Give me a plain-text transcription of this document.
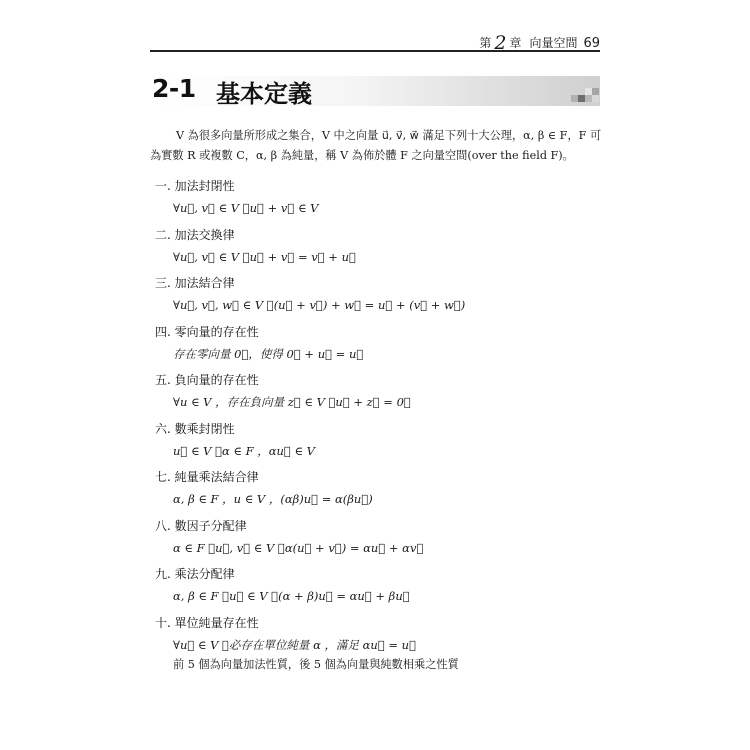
第 2 章 向量空間 69
2-1 基本定義

V 為很多向量所形成之集合，V 中之向量 u⃗, v⃗, w⃗ 滿足下列十大公理，α, β ∈ F，F 可

為實數 R 或複數 C，α, β 為純量，稱 V 為佈於體 F 之向量空間(over the field F)。
一. 加法封閉性
∀u⃗, v⃗ ∈ V ，u⃗ + v⃗ ∈ V
二. 加法交換律
∀u⃗, v⃗ ∈ V ，u⃗ + v⃗ = v⃗ + u⃗
三. 加法結合律
∀u⃗, v⃗, w⃗ ∈ V ，(u⃗ + v⃗) + w⃗ = u⃗ + (v⃗ + w⃗)
四. 零向量的存在性
存在零向量 0⃗，使得 0⃗ + u⃗ = u⃗
五. 負向量的存在性
∀u ∈ V ，存在負向量 z⃗ ∈ V ，u⃗ + z⃗ = 0⃗
六. 數乘封閉性
u⃗ ∈ V ，α ∈ F ，αu⃗ ∈ V
七. 純量乘法結合律
α, β ∈ F ，u ∈ V ，(αβ)u⃗ = α(βu⃗)
八. 數因子分配律
α ∈ F ，u⃗, v⃗ ∈ V ，α(u⃗ + v⃗) = αu⃗ + αv⃗
九. 乘法分配律
α, β ∈ F ，u⃗ ∈ V ，(α + β)u⃗ = αu⃗ + βu⃗
十. 單位純量存在性
∀u⃗ ∈ V ，必存在單位純量 α ，滿足 αu⃗ = u⃗
前 5 個為向量加法性質，後 5 個為向量與純數相乘之性質
